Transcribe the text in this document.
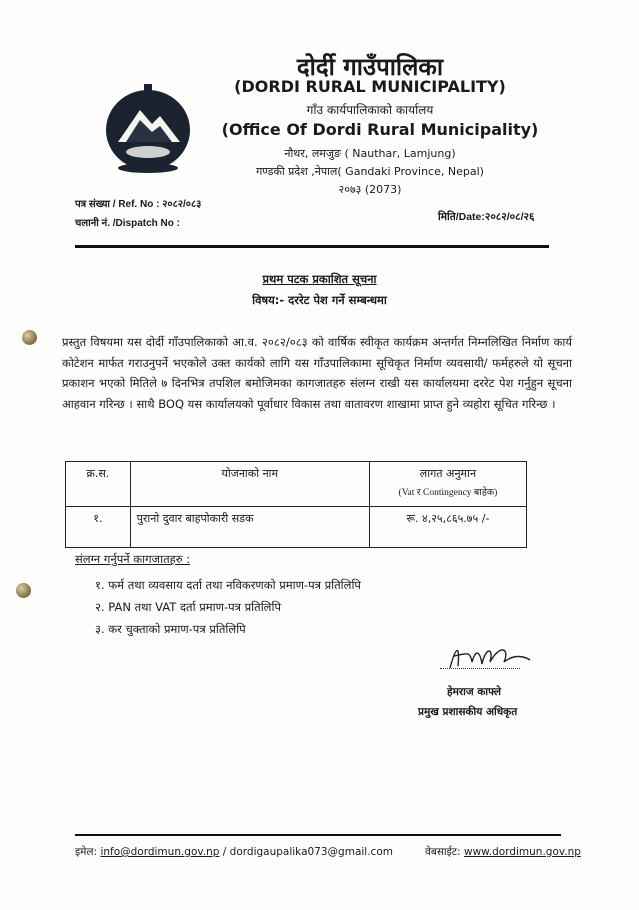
दोर्दी गाउँपालिका
(DORDI RURAL MUNICIPALITY)
गाँउ कार्यपालिकाको कार्यालय
(Office Of Dordi Rural Municipality)
नौथर, लमजुङ ( Nauthar, Lamjung)
गण्डकी प्रदेश ,नेपाल( Gandaki Province, Nepal)
२०७३ (2073)
पत्र संख्या / Ref. No : २०८२/०८३
चलानी नं. /Dispatch No :
मिति/Date:२०८२/०८/२६
प्रथम पटक प्रकाशित सूचना
विषय:- दररेट पेश गर्ने सम्बन्धमा
प्रस्तुत विषयमा यस दोर्दी गाँउपालिकाको आ.व. २०८२/०८३ को वार्षिक स्वीकृत कार्यक्रम अन्तर्गत निम्नलिखित निर्माण कार्य कोटेशन मार्फत गराउनुपर्ने भएकोले उक्त कार्यको लागि यस गाँउपालिकामा सूचिकृत निर्माण व्यवसायी/ फर्महरुले यो सूचना प्रकाशन भएको मितिले ७ दिनभित्र तपशिल बमोजिमका कागजातहरु संलग्न राखी यस कार्यालयमा दररेट पेश गर्नुहुन सूचना आहवान गरिन्छ । साथै BOQ यस कार्यालयको पूर्वाधार विकास तथा वातावरण शाखामा प्राप्त हुने व्यहोरा सूचित गरिन्छ ।
क्र.स.	योजनाको नाम	लागत अनुमान
(Vat र Contingency बाहेक)

१.	पुरानो दुवार बाहपोकारी सडक	रू. ४,२५,८६५.७५ /-
संलग्न गर्नुपर्ने कागजातहरु :
१. फर्म तथा व्यवसाय दर्ता तथा नविकरणको प्रमाण-पत्र प्रतिलिपि
२. PAN तथा VAT दर्ता प्रमाण-पत्र प्रतिलिपि
३. कर चुक्ताको प्रमाण-पत्र प्रतिलिपि
हेमराज काफ्ले
प्रमुख प्रशासकीय अधिकृत
इमेल: info@dordimun.gov.np / dordigaupalika073@gmail.com	वेबसाईट: www.dordimun.gov.np
